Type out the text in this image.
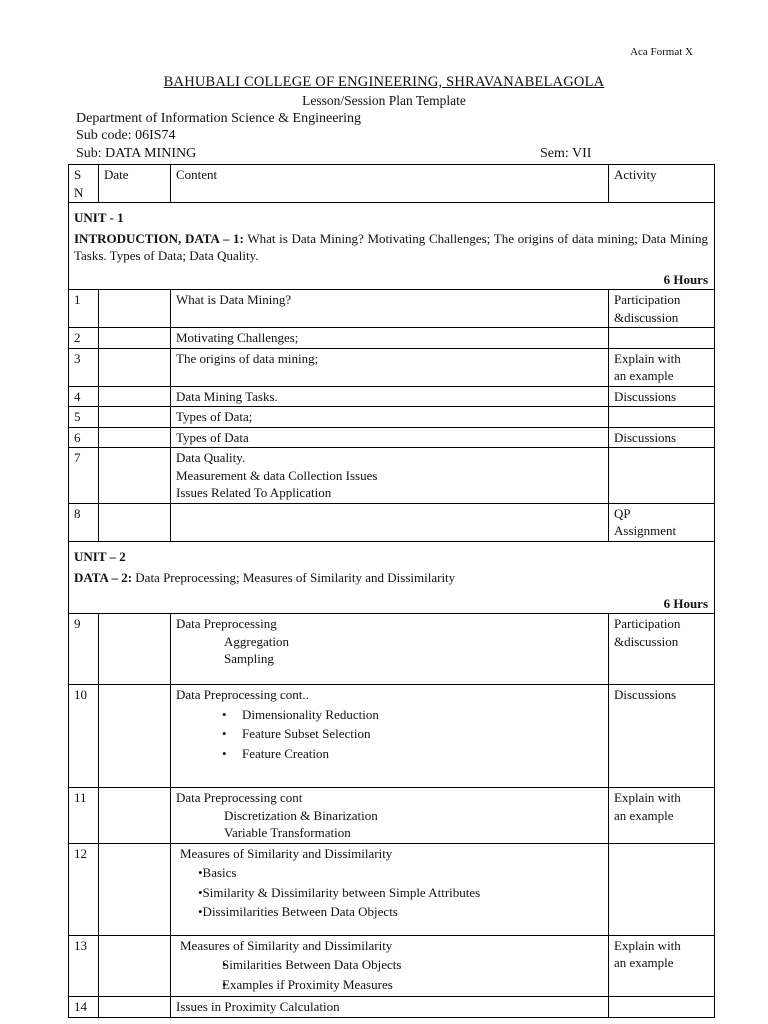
Aca Format X
BAHUBALI COLLEGE OF ENGINEERING, SHRAVANABELAGOLA
Lesson/Session Plan Template
Department of Information Science & Engineering
Sub code: 06IS74
Sub: DATA MINING	Sem: VII
S N	Date	Content	Activity

UNIT - 1
INTRODUCTION, DATA – 1: What is Data Mining? Motivating Challenges; The origins of data mining; Data Mining Tasks. Types of Data; Data Quality.
6 Hours			

1		What is Data Mining?	Participation
&discussion

2		Motivating Challenges;	
3		The origins of data mining;	Explain with
an example

4		Data Mining Tasks.	Discussions
5		Types of Data;	
6		Types of Data	Discussions
7		Data Quality.
Measurement & data Collection Issues
Issues Related To Application	

8			QP
Assignment

UNIT – 2
DATA – 2: Data Preprocessing; Measures of Similarity and Dissimilarity
6 Hours			

9		Data Preprocessing
Aggregation
Sampling	Participation
&discussion

10		Data Preprocessing cont..
• Dimensionality Reduction
• Feature Subset Selection
• Feature Creation	Discussions
11		Data Preprocessing cont
Discretization & Binarization
Variable Transformation	Explain with
an example

12		Measures of Similarity and Dissimilarity
•Basics
•Similarity & Dissimilarity between Simple Attributes
•Dissimilarities Between Data Objects	

13		Measures of Similarity and Dissimilarity
• Similarities Between Data Objects
• Examples if Proximity Measures	Explain with
an example

14		Issues in Proximity Calculation	
